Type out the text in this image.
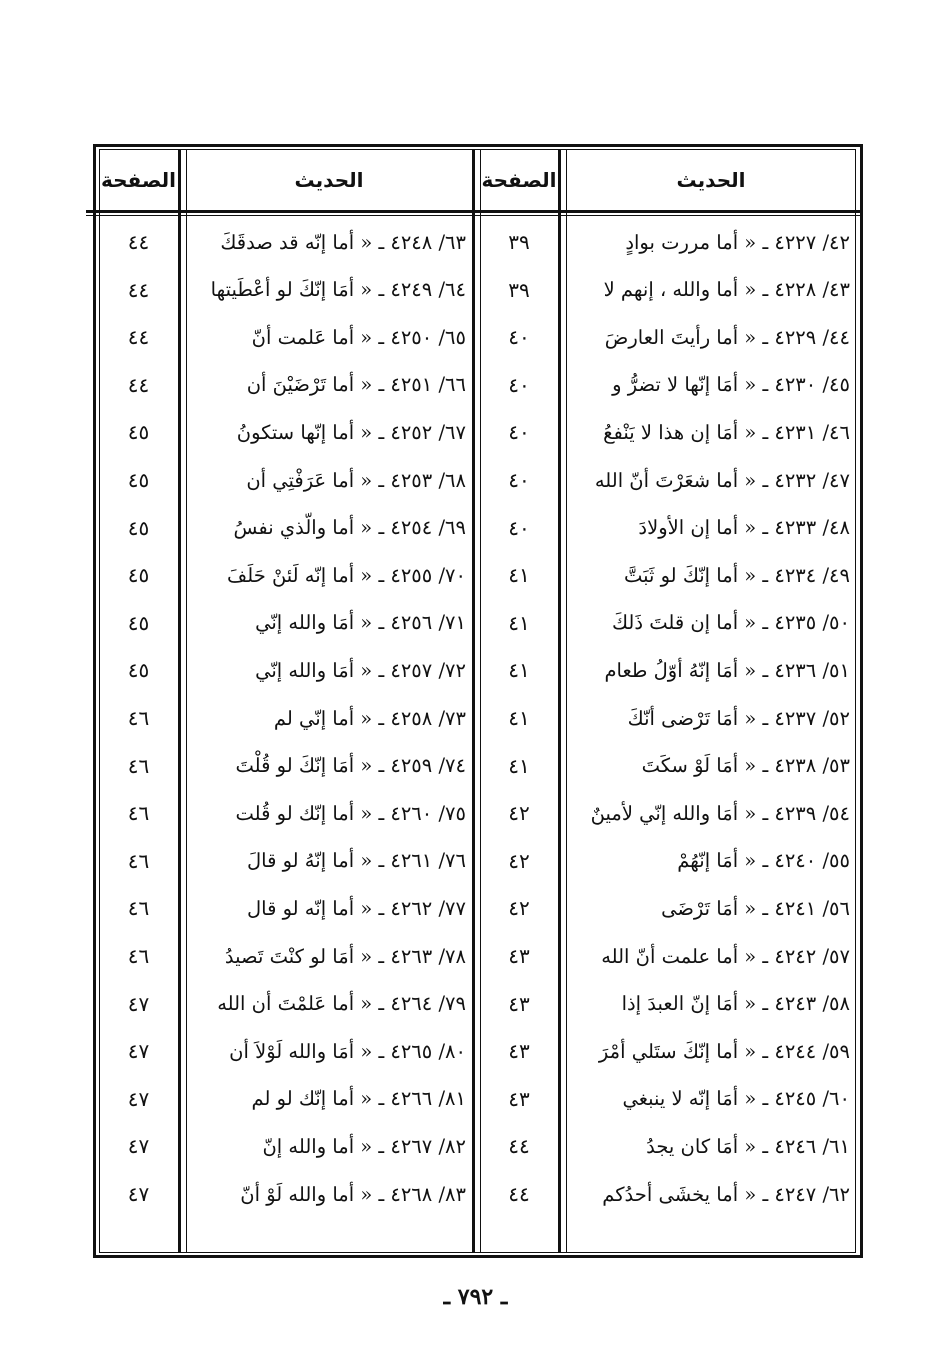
الحديث
الصفحة
الحديث
الصفحة
٤٢/ ٤٢٢٧ ـ « أما مررت بوادٍ
٣٩
٦٣/ ٤٢٤٨ ـ « أما إنّه قد صدقَكَ
٤٤
٤٣/ ٤٢٢٨ ـ « أما والله ، إنهم لا
٣٩
٦٤/ ٤٢٤٩ ـ « أمَا إنّكَ لو أعْطَيتها
٤٤
٤٤/ ٤٢٢٩ ـ « أما رأيتَ العارضَ
٤٠
٦٥/ ٤٢٥٠ ـ « أما عَلمت أنّ
٤٤
٤٥/ ٤٢٣٠ ـ « أمَا إنّها لا تضرُّ و
٤٠
٦٦/ ٤٢٥١ ـ « أما تَرْضَيْنَ أن
٤٤
٤٦/ ٤٢٣١ ـ « أمَا إن هذا لا يَنْفعُ
٤٠
٦٧/ ٤٢٥٢ ـ « أما إنّها ستكونُ
٤٥
٤٧/ ٤٢٣٢ ـ « أما شعَرْتَ أنّ الله
٤٠
٦٨/ ٤٢٥٣ ـ « أما عَرَفْتِي أن
٤٥
٤٨/ ٤٢٣٣ ـ « أما إن الأولادَ
٤٠
٦٩/ ٤٢٥٤ ـ « أما والّذي نفسُ
٤٥
٤٩/ ٤٢٣٤ ـ « أما إنّكَ لو ثَبَتَّ
٤١
٧٠/ ٤٢٥٥ ـ « أما إنّه لَئنْ حَلَفَ
٤٥
٥٠/ ٤٢٣٥ ـ « أما إن قلتَ ذَلكَ
٤١
٧١/ ٤٢٥٦ ـ « أمَا والله إنّي
٤٥
٥١/ ٤٢٣٦ ـ « أمَا إنّهُ أوّلُ طعام
٤١
٧٢/ ٤٢٥٧ ـ « أمَا والله إنّي
٤٥
٥٢/ ٤٢٣٧ ـ « أمَا تَرْضى أنّكَ
٤١
٧٣/ ٤٢٥٨ ـ « أما إنّي لم
٤٦
٥٣/ ٤٢٣٨ ـ « أمَا لَوْ سكَتَ
٤١
٧٤/ ٤٢٥٩ ـ « أمَا إنّكَ لو قُلْتَ
٤٦
٥٤/ ٤٢٣٩ ـ « أمَا والله إنّي لأمينٌ
٤٢
٧٥/ ٤٢٦٠ ـ « أما إنّك لو قُلت
٤٦
٥٥/ ٤٢٤٠ ـ « أمَا إنّهُمْ
٤٢
٧٦/ ٤٢٦١ ـ « أما إنّهُ لو قالَ
٤٦
٥٦/ ٤٢٤١ ـ « أمَا تَرْضَى
٤٢
٧٧/ ٤٢٦٢ ـ « أما إنّه لو قال
٤٦
٥٧/ ٤٢٤٢ ـ « أما علمت أنّ الله
٤٣
٧٨/ ٤٢٦٣ ـ « أمَا لو كنْتَ تَصيدُ
٤٦
٥٨/ ٤٢٤٣ ـ « أمَا إنّ العبدَ إذا
٤٣
٧٩/ ٤٢٦٤ ـ « أما عَلمْتَ أن الله
٤٧
٥٩/ ٤٢٤٤ ـ « أما إنّكَ ستَلي أمْرَ
٤٣
٨٠/ ٤٢٦٥ ـ « أمَا والله لَوْلاَ أن
٤٧
٦٠/ ٤٢٤٥ ـ « أمَا إنّه لا ينبغي
٤٣
٨١/ ٤٢٦٦ ـ « أما إنّك لو لم
٤٧
٦١/ ٤٢٤٦ ـ « أمَا كان يجدُ
٤٤
٨٢/ ٤٢٦٧ ـ « أما والله إنّ
٤٧
٦٢/ ٤٢٤٧ ـ « أما يخشَى أحدُكم
٤٤
٨٣/ ٤٢٦٨ ـ « أما والله لَوْ أنّ
٤٧
ـ ٧٩٢ ـ
